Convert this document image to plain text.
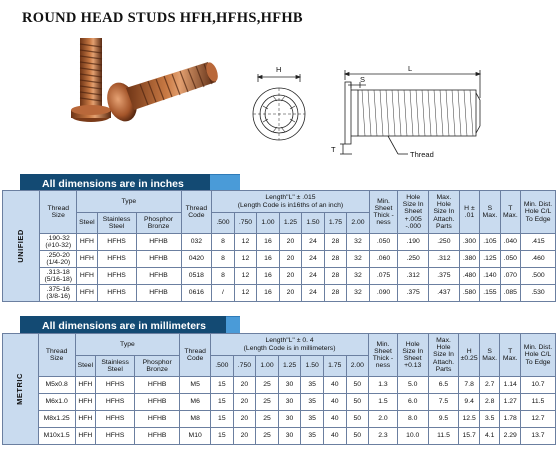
ROUND HEAD STUDS HFH,HFHS,HFHB
H
S
L
T
Thread
All dimensions are in inches
UNIFIED	Thread Size	Type			Thread Code	Length"L" ± .015
(Length Code is in16ths of an inch)							Min. Sheet Thick -ness	Hole Size In Sheet +.005 -.000	Max. Hole Size In Attach. Parts	H ± .01	S Max.	T Max.	Min. Dist. Hole C/L To Edge
		Steel	Stainless Steel	Phosphor Bronze		.500	.750	1.00	1.25	1.50	1.75	2.00							
	.190-32 (#10-32)	HFH	HFHS	HFHB	032	8	12	16	20	24	28	32	.050	.190	.250	.300	.105	.040	.415
	.250-20 (1/4-20)	HFH	HFHS	HFHB	0420	8	12	16	20	24	28	32	.060	.250	.312	.380	.125	.050	.460
	.313-18 (5/16-18)	HFH	HFHS	HFHB	0518	8	12	16	20	24	28	32	.075	.312	.375	.480	.140	.070	.500
	.375-16 (3/8-16)	HFH	HFHS	HFHB	0616	/	12	16	20	24	28	32	.090	.375	.437	.580	.155	.085	.530
All dimensions are in millimeters
METRIC	Thread Size	Type			Thread Code	Length"L" ± 0. 4
(Length Code is in millimeters)							Min. Sheet Thick -ness	Hole Size In Sheet +0.13	Max. Hole Size In Attach. Parts	H ±0.25	S Max.	T Max.	Min. Dist. Hole C/L To Edge
		Steel	Stainless Steel	Phosphor Bronze		.500	.750	1.00	1.25	1.50	1.75	2.00							
	M5x0.8	HFH	HFHS	HFHB	M5	15	20	25	30	35	40	50	1.3	5.0	6.5	7.8	2.7	1.14	10.7
	M6x1.0	HFH	HFHS	HFHB	M6	15	20	25	30	35	40	50	1.5	6.0	7.5	9.4	2.8	1.27	11.5
	M8x1.25	HFH	HFHS	HFHB	M8	15	20	25	30	35	40	50	2.0	8.0	9.5	12.5	3.5	1.78	12.7
	M10x1.5	HFH	HFHS	HFHB	M10	15	20	25	30	35	40	50	2.3	10.0	11.5	15.7	4.1	2.29	13.7
